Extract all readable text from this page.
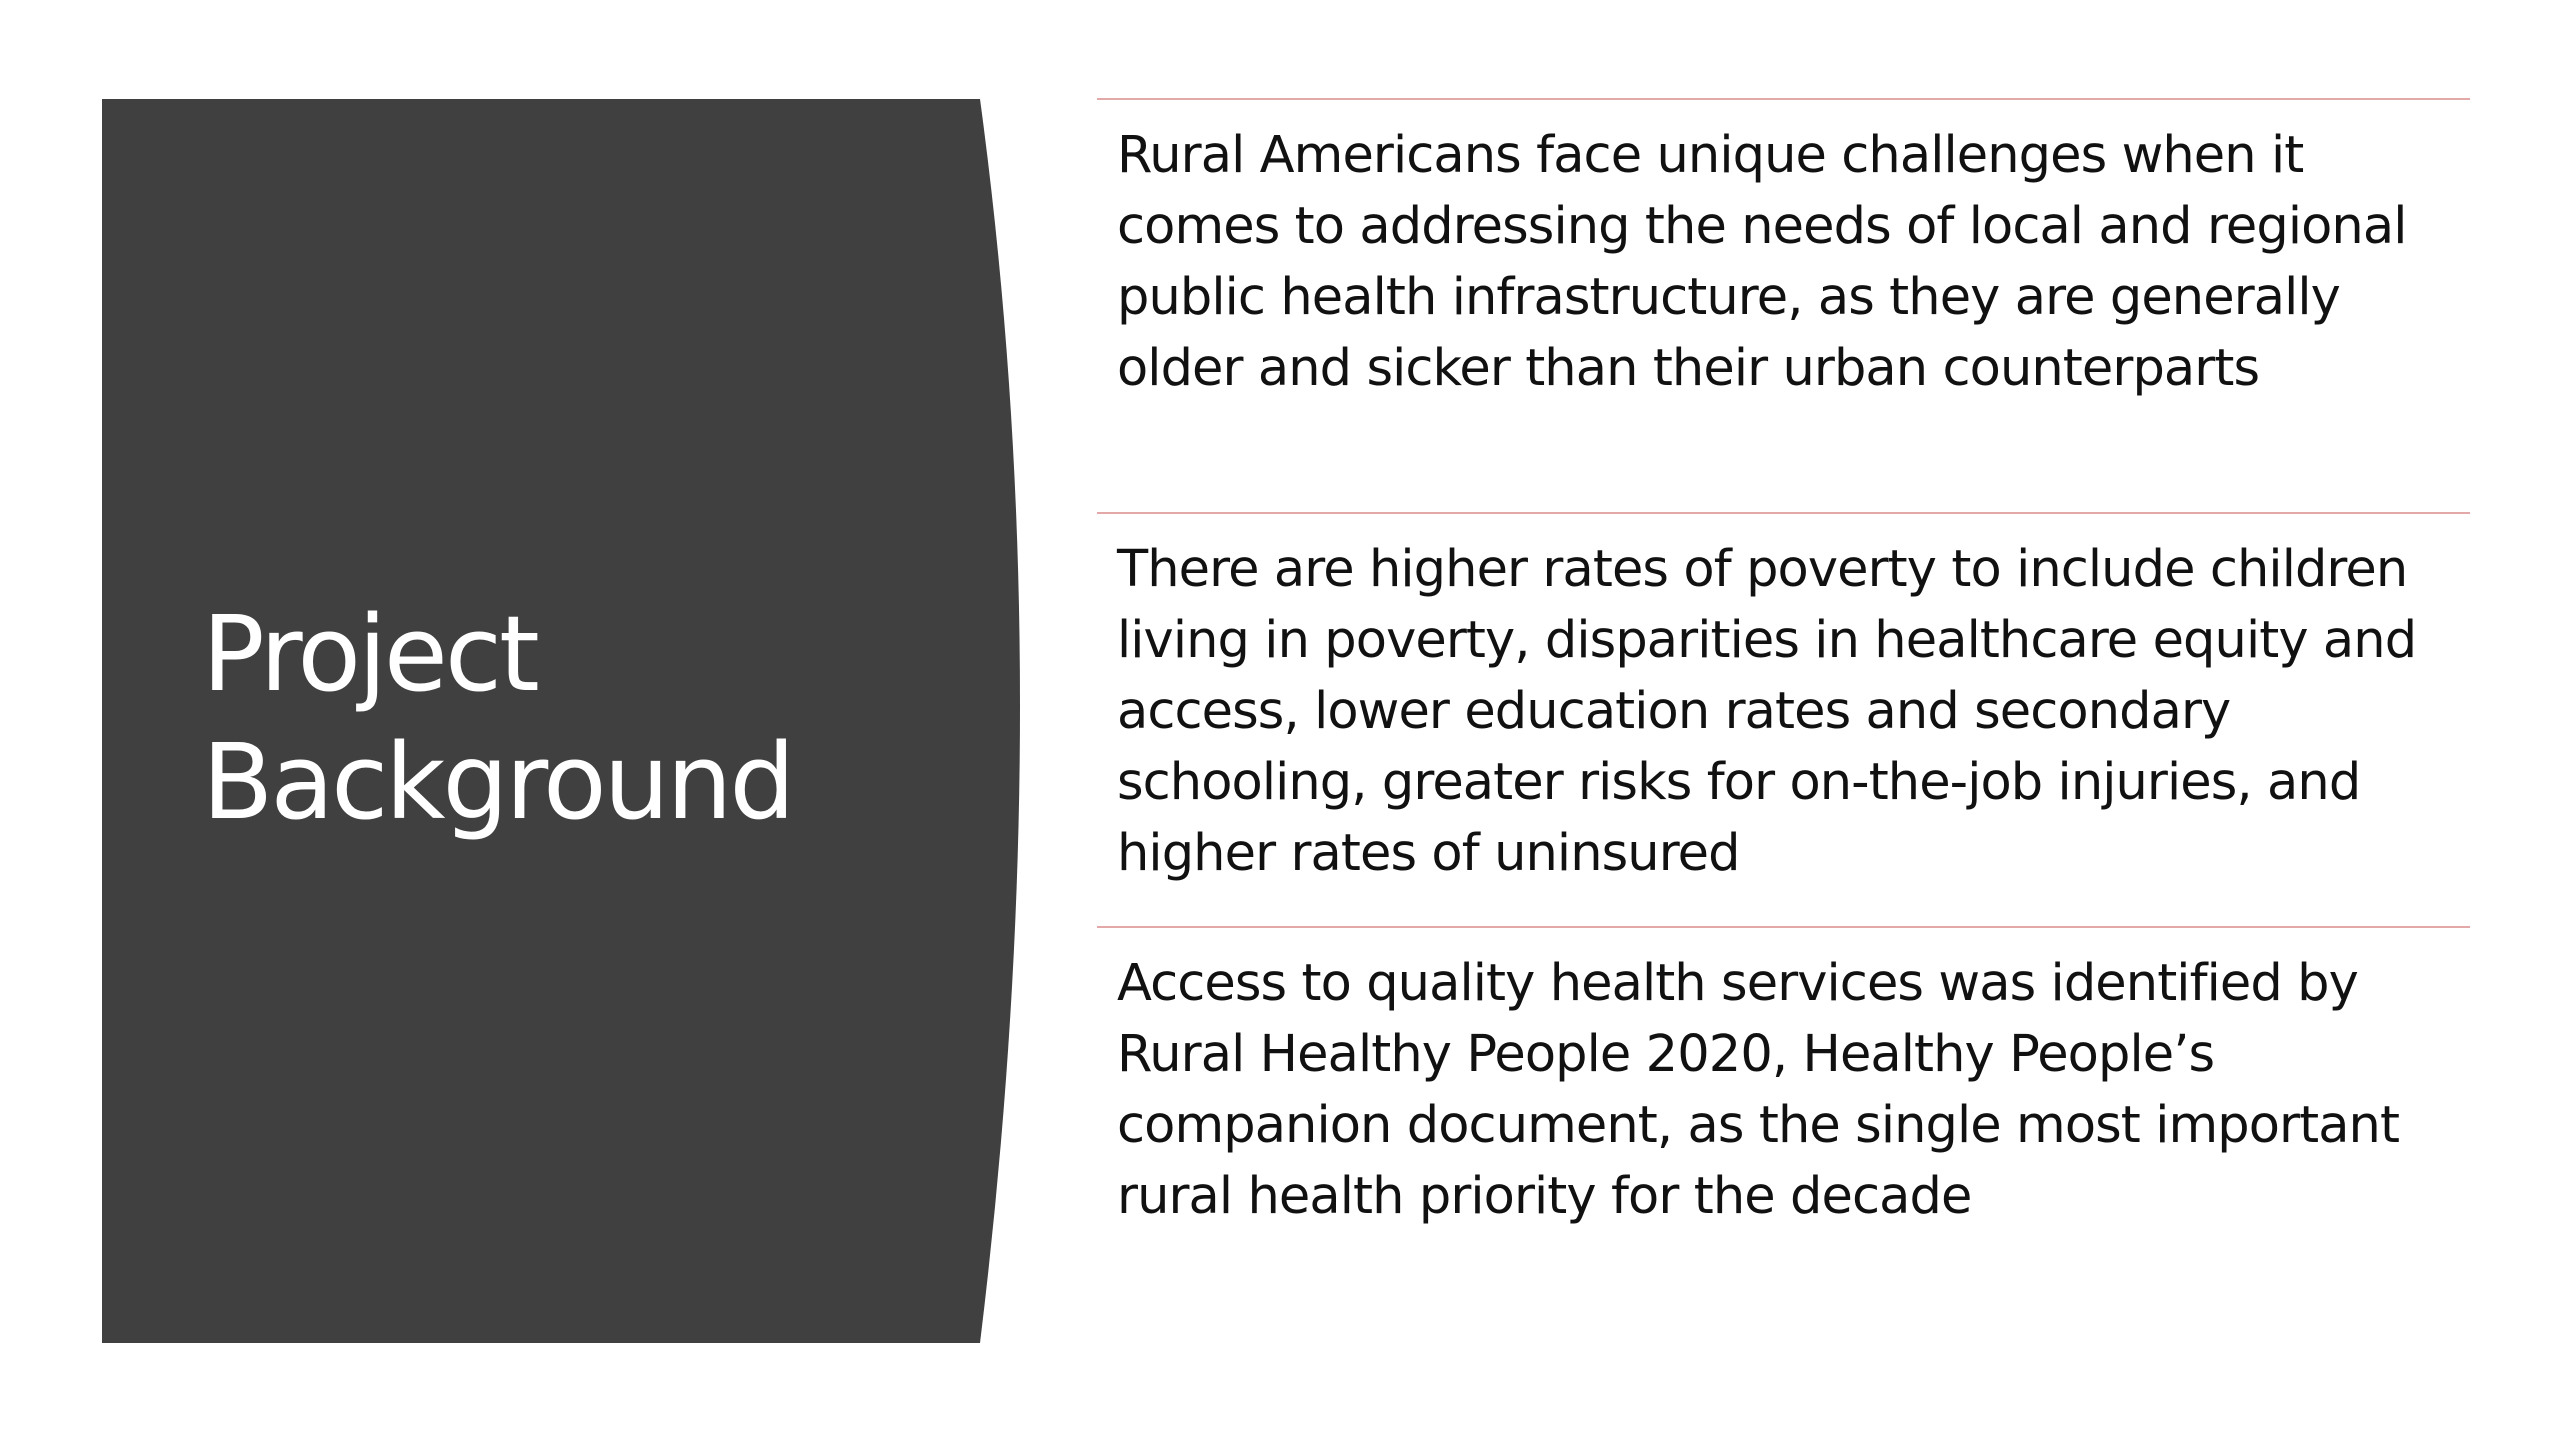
Project Background
Rural Americans face unique challenges when it comes to addressing the needs of local and regional public health infrastructure, as they are generally older and sicker than their urban counterparts
There are higher rates of poverty to include children living in poverty, disparities in healthcare equity and access, lower education rates and secondary schooling, greater risks for on-the-job injuries, and higher rates of uninsured
Access to quality health services was identified by Rural Healthy People 2020, Healthy People’s companion document, as the single most important rural health priority for the decade
